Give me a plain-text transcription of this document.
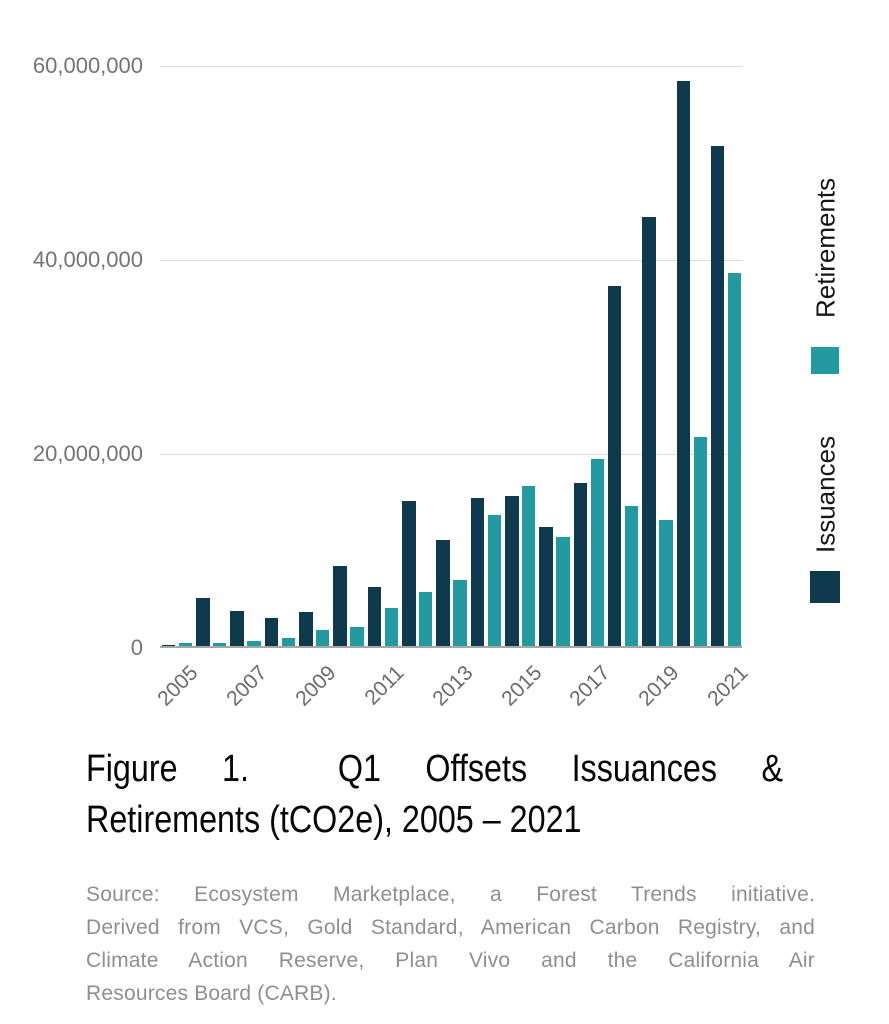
2005 2007 2009 2011 2013 2015 2017 2019 2021
Retirements
Issuances
60,000,000
40,000,000
20,000,000
0
Figure 1.  Q1 Offsets Issuances &
Retirements (tCO2e), 2005 – 2021
Source: Ecosystem Marketplace, a Forest Trends initiative.
Derived from VCS, Gold Standard, American Carbon Registry, and
Climate Action Reserve, Plan Vivo and the California Air
Resources Board (CARB).
